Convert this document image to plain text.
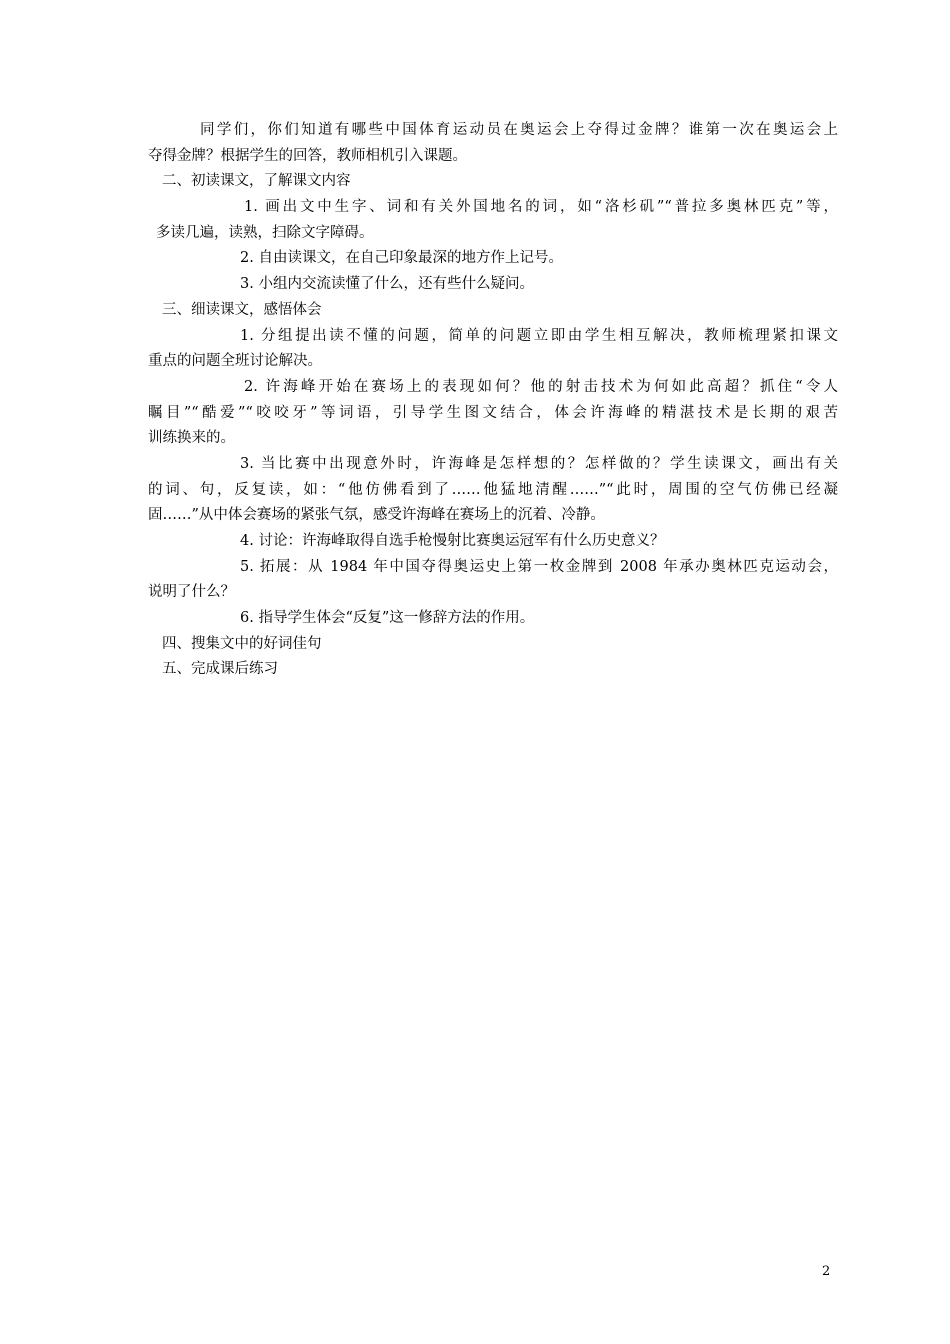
同学们，你们知道有哪些中国体育运动员在奥运会上夺得过金牌？谁第一次在奥运会上
夺得金牌？根据学生的回答，教师相机引入课题。
二、初读课文，了解课文内容
1. 画出文中生字、词和有关外国地名的词，如“洛杉矶”“普拉多奥林匹克”等，
多读几遍，读熟，扫除文字障碍。
2. 自由读课文，在自己印象最深的地方作上记号。
3. 小组内交流读懂了什么，还有些什么疑问。
三、细读课文，感悟体会
1. 分组提出读不懂的问题，简单的问题立即由学生相互解决，教师梳理紧扣课文
重点的问题全班讨论解决。
2. 许海峰开始在赛场上的表现如何？他的射击技术为何如此高超？抓住“令人
瞩目”“酷爱”“咬咬牙”等词语，引导学生图文结合，体会许海峰的精湛技术是长期的艰苦
训练换来的。
3. 当比赛中出现意外时，许海峰是怎样想的？怎样做的？学生读课文，画出有关
的词、句，反复读，如：“他仿佛看到了……他猛地清醒……”“此时，周围的空气仿佛已经凝
固……”从中体会赛场的紧张气氛，感受许海峰在赛场上的沉着、冷静。
4. 讨论：许海峰取得自选手枪慢射比赛奥运冠军有什么历史意义？
5. 拓展：从 1984 年中国夺得奥运史上第一枚金牌到 2008 年承办奥林匹克运动会，
说明了什么？
6. 指导学生体会“反复”这一修辞方法的作用。
四、搜集文中的好词佳句
五、完成课后练习
2
